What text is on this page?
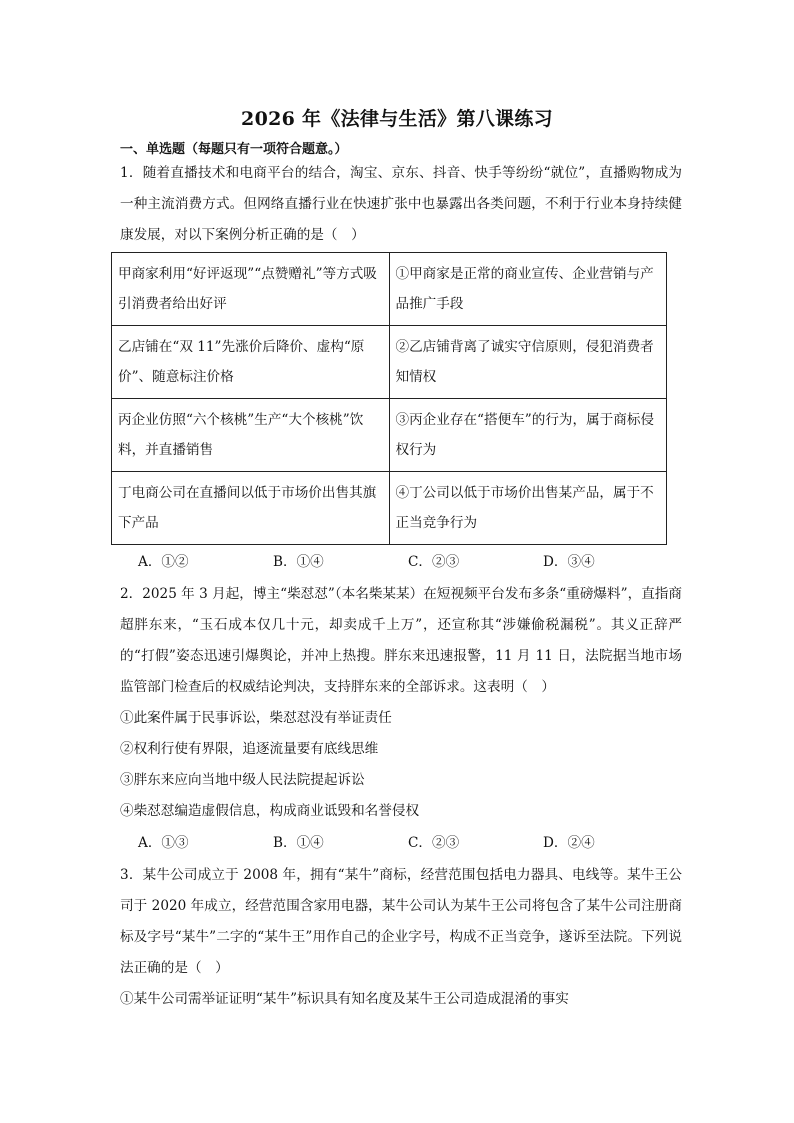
2026 年《法律与生活》第八课练习
一、单选题（每题只有一项符合题意。）
1．随着直播技术和电商平台的结合，淘宝、京东、抖音、快手等纷纷“就位”，直播购物成为一种主流消费方式。但网络直播行业在快速扩张中也暴露出各类问题，不利于行业本身持续健康发展，对以下案例分析正确的是（　）
甲商家利用“好评返现”“点赞赠礼”等方式吸引消费者给出好评	①甲商家是正常的商业宣传、企业营销与产品推广手段
乙店铺在“双 11”先涨价后降价、虚构“原价”、随意标注价格	②乙店铺背离了诚实守信原则，侵犯消费者知情权
丙企业仿照“六个核桃”生产“大个核桃”饮料，并直播销售	③丙企业存在“搭便车”的行为，属于商标侵权行为
丁电商公司在直播间以低于市场价出售其旗下产品	④丁公司以低于市场价出售某产品，属于不正当竞争行为
A．①②	B．①④	C．②③	D．③④
2．2025 年 3 月起，博主“柴怼怼”（本名柴某某）在短视频平台发布多条“重磅爆料”，直指商超胖东来，“玉石成本仅几十元，却卖成千上万”，还宣称其“涉嫌偷税漏税”。其义正辞严的“打假”姿态迅速引爆舆论，并冲上热搜。胖东来迅速报警，11 月 11 日，法院据当地市场监管部门检查后的权威结论判决，支持胖东来的全部诉求。这表明（　）
①此案件属于民事诉讼，柴怼怼没有举证责任
②权利行使有界限，追逐流量要有底线思维
③胖东来应向当地中级人民法院提起诉讼
④柴怼怼编造虚假信息，构成商业诋毁和名誉侵权
A．①③	B．①④	C．②③	D．②④
3．某牛公司成立于 2008 年，拥有“某牛”商标，经营范围包括电力器具、电线等。某牛王公司于 2020 年成立，经营范围含家用电器，某牛公司认为某牛王公司将包含了某牛公司注册商标及字号“某牛”二字的“某牛王”用作自己的企业字号，构成不正当竞争，遂诉至法院。下列说法正确的是（　）
①某牛公司需举证证明“某牛”标识具有知名度及某牛王公司造成混淆的事实
